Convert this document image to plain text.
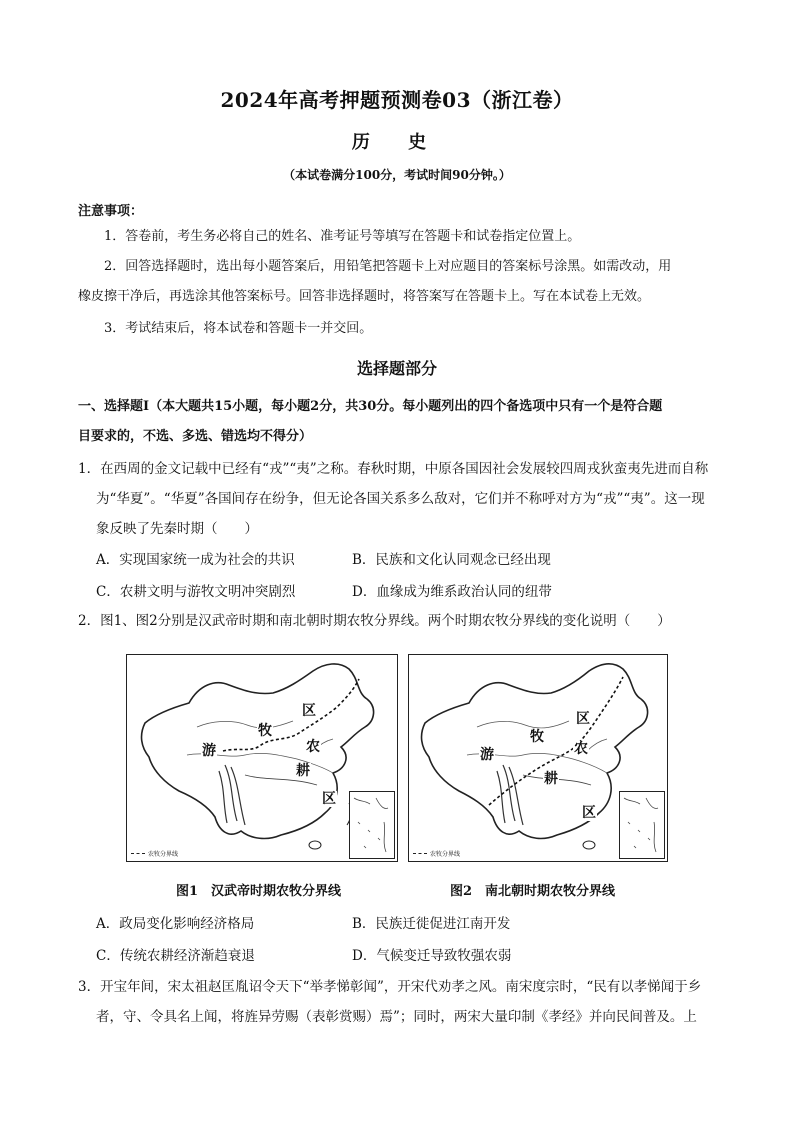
2024年高考押题预测卷03（浙江卷）
历 史
（本试卷满分100分，考试时间90分钟。）
注意事项：
1．答卷前，考生务必将自己的姓名、准考证号等填写在答题卡和试卷指定位置上。
2．回答选择题时，选出每小题答案后，用铅笔把答题卡上对应题目的答案标号涂黑。如需改动，用
橡皮擦干净后，再选涂其他答案标号。回答非选择题时，将答案写在答题卡上。写在本试卷上无效。
3．考试结束后，将本试卷和答题卡一并交回。
选择题部分
一、选择题Ⅰ（本大题共15小题，每小题2分，共30分。每小题列出的四个备选项中只有一个是符合题
目要求的，不选、多选、错选均不得分）
1．在西周的金文记载中已经有“戎”“夷”之称。春秋时期，中原各国因社会发展较四周戎狄蛮夷先进而自称
为“华夏”。“华夏”各国间存在纷争，但无论各国关系多么敌对，它们并不称呼对方为“戎”“夷”。这一现
象反映了先秦时期（　　）
A．实现国家统一成为社会的共识	B．民族和文化认同观念已经出现
C．农耕文明与游牧文明冲突剧烈	D．血缘成为维系政治认同的纽带
2．图1、图2分别是汉武帝时期和南北朝时期农牧分界线。两个时期农牧分界线的变化说明（　　）
区
牧
农
游
耕
区
农牧分界线
区
牧
农
游
耕
区
农牧分界线
图1　汉武帝时期农牧分界线	图2　南北朝时期农牧分界线
A．政局变化影响经济格局	B．民族迁徙促进江南开发
C．传统农耕经济渐趋衰退	D．气候变迁导致牧强农弱
3．开宝年间，宋太祖赵匡胤诏令天下“举孝悌彰闻”，开宋代劝孝之风。南宋度宗时，“民有以孝悌闻于乡
者，守、令具名上闻，将旌异劳赐（表彰赏赐）焉”；同时，两宋大量印制《孝经》并向民间普及。上
